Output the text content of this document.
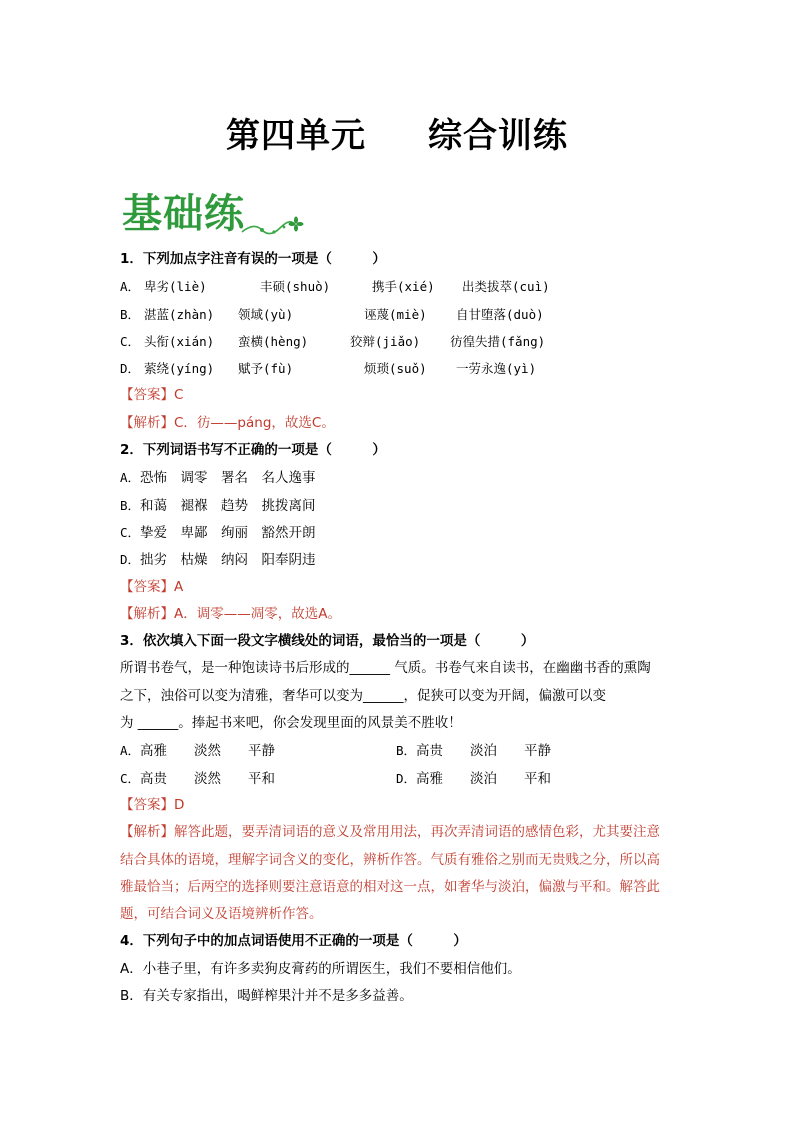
第四单元 综合训练
基础练
1．下列加点字注音有误的一项是（　　　）
A． 卑劣(liè)	丰硕(shuò)	携手(xié) 出类拔萃(cuì)
B． 湛蓝(zhàn) 领域(yù)	诬蔑(miè) 自甘堕落(duò)
C． 头衔(xián) 蛮横(hèng)	狡辩(jiǎo) 彷徨失措(fǎng)
D． 萦绕(yíng) 赋予(fù)	烦琐(suǒ) 一劳永逸(yì)
【答案】C
【解析】C．彷——páng，故选C。
2．下列词语书写不正确的一项是（　　　）
A．恐怖　调零　署名　名人逸事
B．和蔼　褪褓　趋势　挑拨离间
C．挚爱　卑鄙　绚丽　豁然开朗
D．拙劣　枯燥　纳闷　阳奉阴违
【答案】A
【解析】A．调零——凋零，故选A。
3．依次填入下面一段文字横线处的词语，最恰当的一项是（　　　）
所谓书卷气，是一种饱读诗书后形成的______ 气质。书卷气来自读书，在幽幽书香的熏陶
之下，浊俗可以变为清雅，奢华可以变为______，促狭可以变为开阔，偏激可以变
为 ______。捧起书来吧，你会发现里面的风景美不胜收！
A．高雅　　淡然　　平静	B．高贵　　淡泊　　平静
C．高贵　　淡然　　平和	D．高雅　　淡泊　　平和
【答案】D
【解析】解答此题，要弄清词语的意义及常用用法，再次弄清词语的感情色彩，尤其要注意
结合具体的语境，理解字词含义的变化，辨析作答。气质有雅俗之别而无贵贱之分，所以高
雅最恰当；后两空的选择则要注意语意的相对这一点，如奢华与淡泊，偏激与平和。解答此
题，可结合词义及语境辨析作答。
4．下列句子中的加点词语使用不正确的一项是（　　　）
A．小巷子里，有许多卖狗皮膏药的所谓医生，我们不要相信他们。
B．有关专家指出，喝鲜榨果汁并不是多多益善。
